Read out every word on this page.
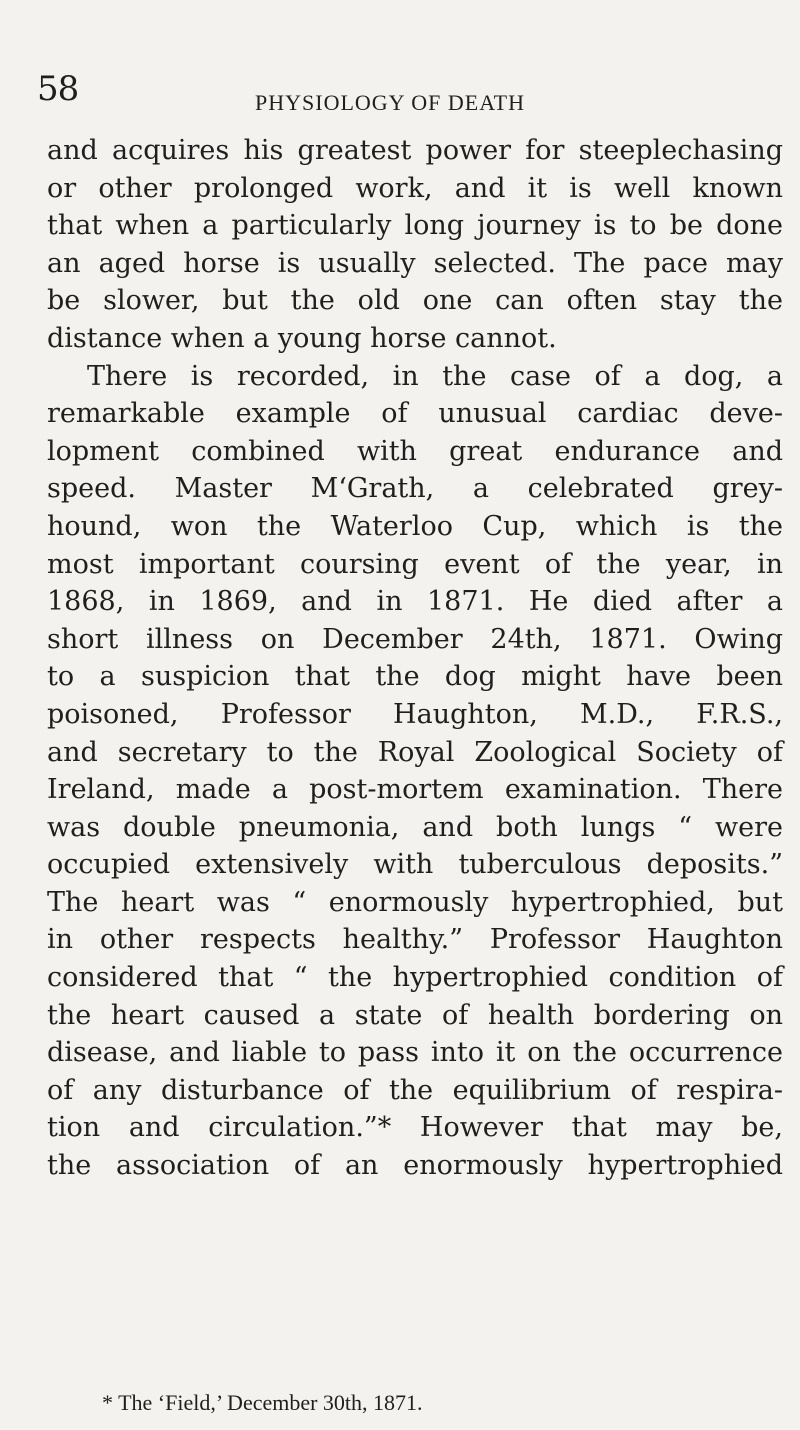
58	PHYSIOLOGY OF DEATH
and acquires his greatest power for steeplechasing
or other prolonged work, and it is well known
that when a particularly long journey is to be done
an aged horse is usually selected. The pace may
be slower, but the old one can often stay the
distance when a young horse cannot.
There is recorded, in the case of a dog, a
remarkable example of unusual cardiac deve-
lopment combined with great endurance and
speed. Master M‘Grath, a celebrated grey-
hound, won the Waterloo Cup, which is the
most important coursing event of the year, in
1868, in 1869, and in 1871. He died after a
short illness on December 24th, 1871. Owing
to a suspicion that the dog might have been
poisoned, Professor Haughton, M.D., F.R.S.,
and secretary to the Royal Zoological Society of
Ireland, made a post-mortem examination. There
was double pneumonia, and both lungs “ were
occupied extensively with tuberculous deposits.”
The heart was “ enormously hypertrophied, but
in other respects healthy.” Professor Haughton
considered that “ the hypertrophied condition of
the heart caused a state of health bordering on
disease, and liable to pass into it on the occurrence
of any disturbance of the equilibrium of respira-
tion and circulation.”* However that may be,
the association of an enormously hypertrophied
* The ‘Field,’ December 30th, 1871.
